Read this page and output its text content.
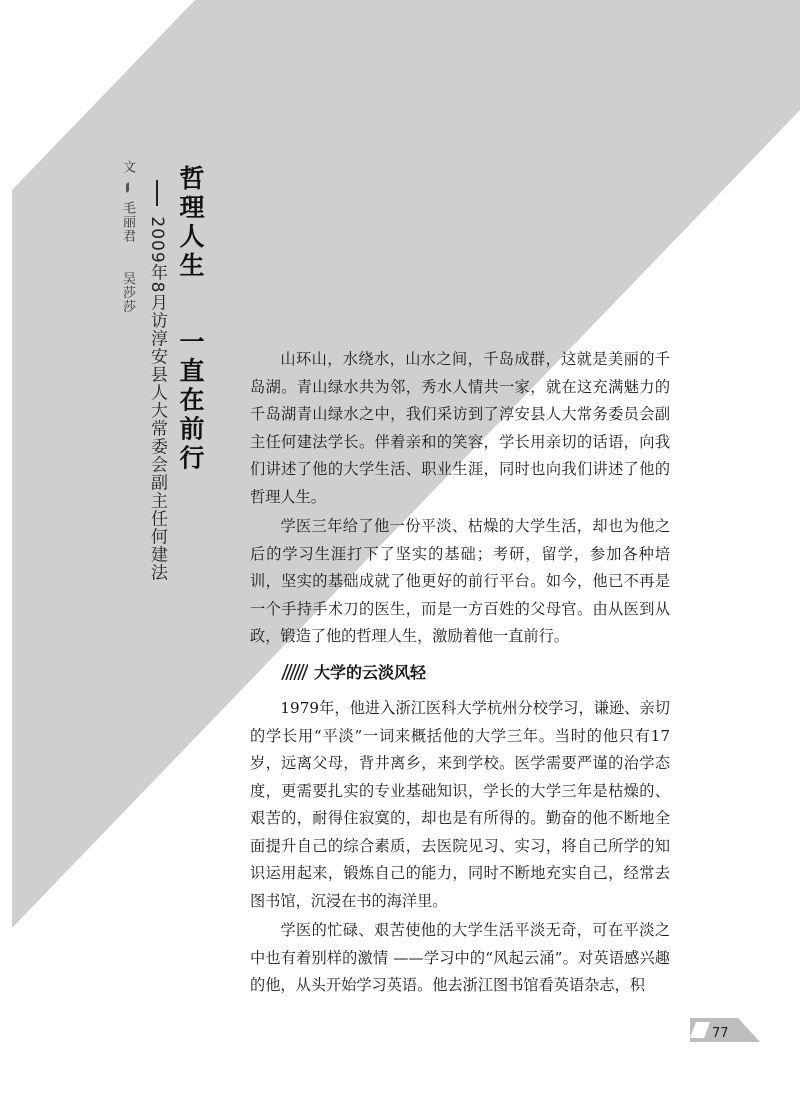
文  毛丽君  吴莎莎
哲理人生  一直在前行
2009年8月访淳安县人大常委会副主任何建法	山环山，水绕水，山水之间，千岛成群，这就是美丽的千岛湖。青山绿水共为邻，秀水人情共一家，就在这充满魅力的千岛湖青山绿水之中，我们采访到了淳安县人大常务委员会副主任何建法学长。伴着亲和的笑容，学长用亲切的话语，向我们讲述了他的大学生活、职业生涯，同时也向我们讲述了他的哲理人生。

学医三年给了他一份平淡、枯燥的大学生活，却也为他之后的学习生涯打下了坚实的基础；考研，留学，参加各种培训，坚实的基础成就了他更好的前行平台。如今，他已不再是一个手持手术刀的医生，而是一方百姓的父母官。由从医到从政，锻造了他的哲理人生，激励着他一直前行。

大学的云淡风轻

1979年，他进入浙江医科大学杭州分校学习，谦逊、亲切的学长用“平淡”一词来概括他的大学三年。当时的他只有17岁，远离父母，背井离乡，来到学校。医学需要严谨的治学态度，更需要扎实的专业基础知识，学长的大学三年是枯燥的、艰苦的，耐得住寂寞的，却也是有所得的。勤奋的他不断地全面提升自己的综合素质，去医院见习、实习，将自己所学的知识运用起来，锻炼自己的能力，同时不断地充实自己，经常去图书馆，沉浸在书的海洋里。

学医的忙碌、艰苦使他的大学生活平淡无奇，可在平淡之中也有着别样的激情 ——学习中的“风起云涌”。对英语感兴趣的他，从头开始学习英语。他去浙江图书馆看英语杂志，积

77
